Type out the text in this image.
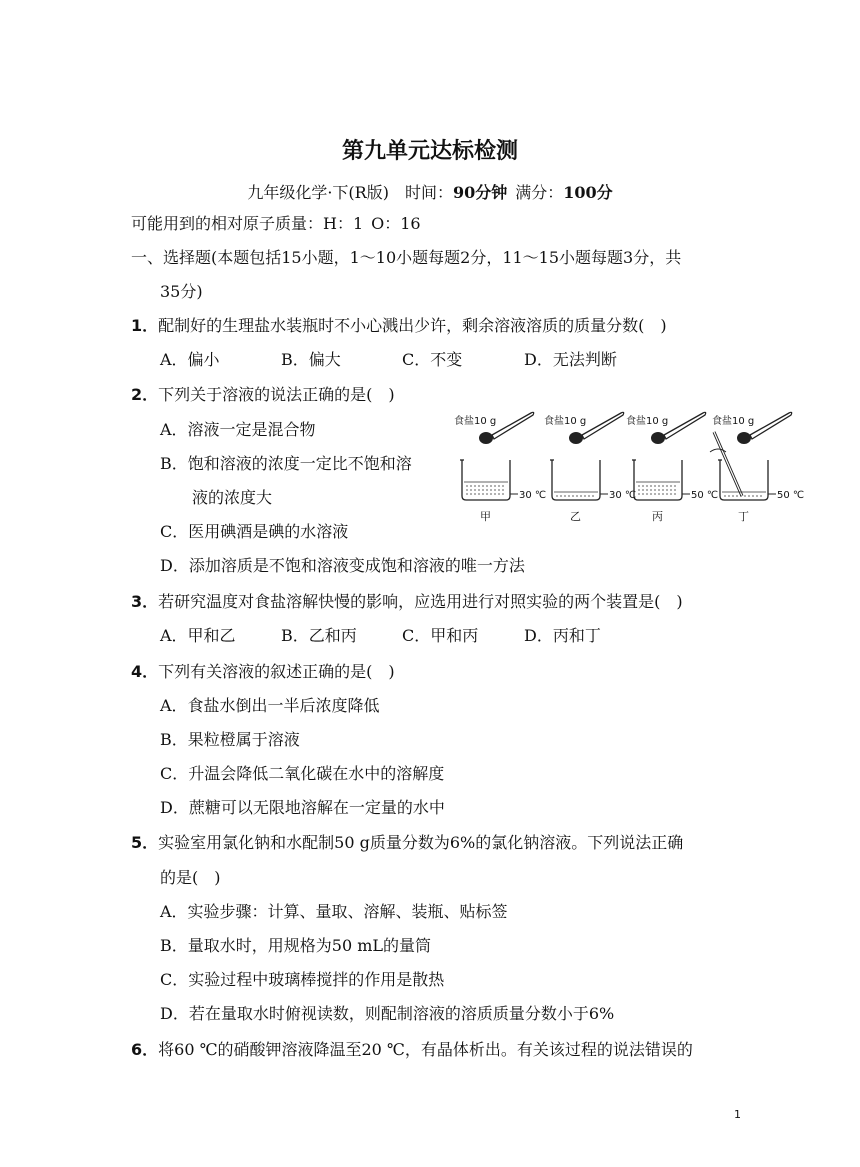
第九单元达标检测
九年级化学·下(R版)　时间：90分钟 满分：100分
可能用到的相对原子质量：H：1 O：16
一、选择题(本题包括15小题，1～10小题每题2分，11～15小题每题3分，共
35分)
1．配制好的生理盐水装瓶时不小心溅出少许，剩余溶液溶质的质量分数( )
A．偏小	B．偏大	C．不变	D．无法判断
2．下列关于溶液的说法正确的是( )
A．溶液一定是混合物
B．饱和溶液的浓度一定比不饱和溶
液的浓度大
C．医用碘酒是碘的水溶液
D．添加溶质是不饱和溶液变成饱和溶液的唯一方法
食盐10 g
30 ℃
甲
食盐10 g
30 ℃
乙
食盐10 g
50 ℃
丙
食盐10 g
50 ℃
丁
3．若研究温度对食盐溶解快慢的影响，应选用进行对照实验的两个装置是( )
A．甲和乙	B．乙和丙	C．甲和丙	D．丙和丁
4．下列有关溶液的叙述正确的是( )
A．食盐水倒出一半后浓度降低
B．果粒橙属于溶液
C．升温会降低二氧化碳在水中的溶解度
D．蔗糖可以无限地溶解在一定量的水中
5．实验室用氯化钠和水配制50 g质量分数为6%的氯化钠溶液。下列说法正确
的是( )
A．实验步骤：计算、量取、溶解、装瓶、贴标签
B．量取水时，用规格为50 mL的量筒
C．实验过程中玻璃棒搅拌的作用是散热
D．若在量取水时俯视读数，则配制溶液的溶质质量分数小于6%
6．将60 ℃的硝酸钾溶液降温至20 ℃，有晶体析出。有关该过程的说法错误的
1
